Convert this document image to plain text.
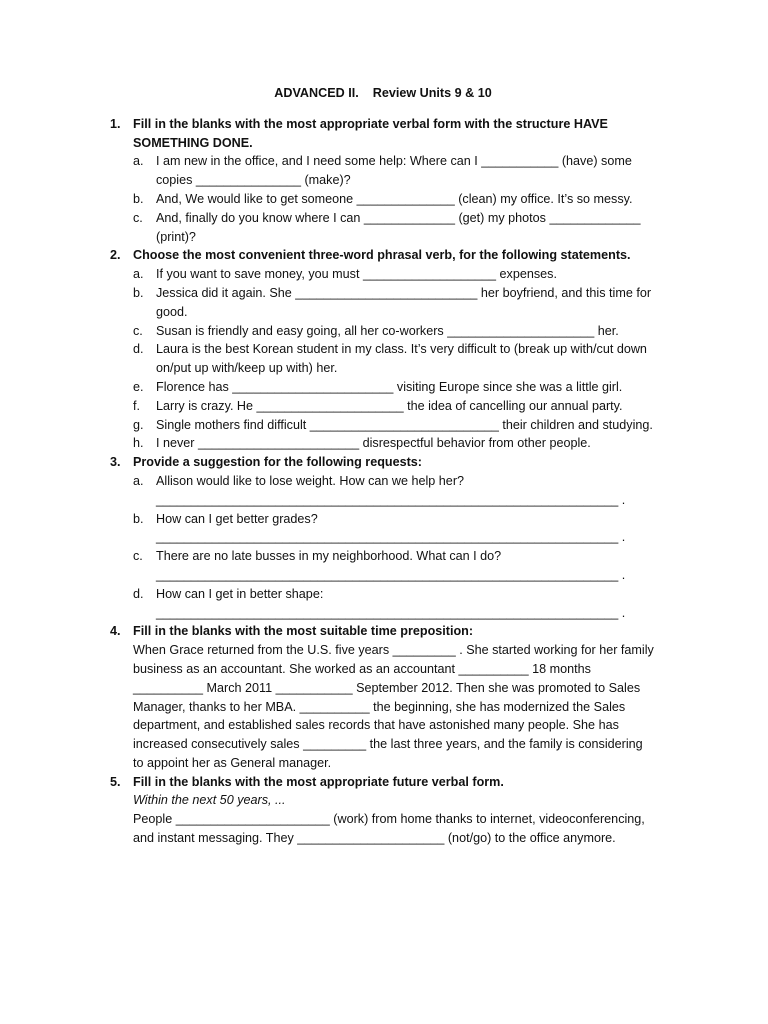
ADVANCED II. Review Units 9 & 10
1. Fill in the blanks with the most appropriate verbal form with the structure HAVE SOMETHING DONE.
a. I am new in the office, and I need some help: Where can I ___________ (have) some copies _______________ (make)?
b. And, We would like to get someone ______________ (clean) my office. It’s so messy.
c. And, finally do you know where I can _____________ (get) my photos _____________ (print)?
2. Choose the most convenient three-word phrasal verb, for the following statements.
a. If you want to save money, you must ___________________ expenses.
b. Jessica did it again. She __________________________ her boyfriend, and this time for good.
c. Susan is friendly and easy going, all her co-workers _____________________ her.
d. Laura is the best Korean student in my class. It’s very difficult to (break up with/cut down on/put up with/keep up with) her.
e. Florence has _______________________ visiting Europe since she was a little girl.
f. Larry is crazy. He _____________________ the idea of cancelling our annual party.
g. Single mothers find difficult ___________________________ their children and studying.
h. I never _______________________ disrespectful behavior from other people.
3. Provide a suggestion for the following requests:
a. Allison would like to lose weight. How can we help her?
__________________________________________________________________ .
b. How can I get better grades?
__________________________________________________________________ .
c. There are no late busses in my neighborhood. What can I do?
__________________________________________________________________ .
d. How can I get in better shape:
__________________________________________________________________ .
4. Fill in the blanks with the most suitable time preposition:
When Grace returned from the U.S. five years _________ . She started working for her family business as an accountant. She worked as an accountant __________ 18 months __________ March 2011 ___________ September 2012. Then she was promoted to Sales Manager, thanks to her MBA. __________ the beginning, she has modernized the Sales department, and established sales records that have astonished many people. She has increased consecutively sales _________ the last three years, and the family is considering to appoint her as General manager.
5. Fill in the blanks with the most appropriate future verbal form.
Within the next 50 years, ...
People ______________________ (work) from home thanks to internet, videoconferencing, and instant messaging. They _____________________ (not/go) to the office anymore.
